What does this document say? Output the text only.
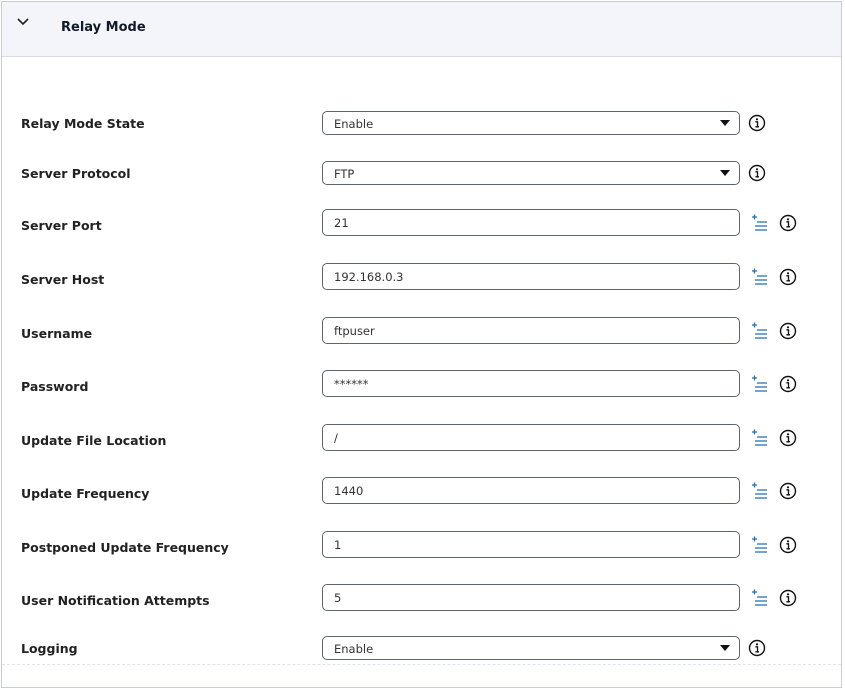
Relay Mode
Relay Mode State	Enable
Server Protocol	FTP
Server Port	21
Server Host	192.168.0.3
Username	ftpuser
Password	******
Update File Location	/
Update Frequency	1440
Postponed Update Frequency	1
User Notification Attempts	5
Logging	Enable
